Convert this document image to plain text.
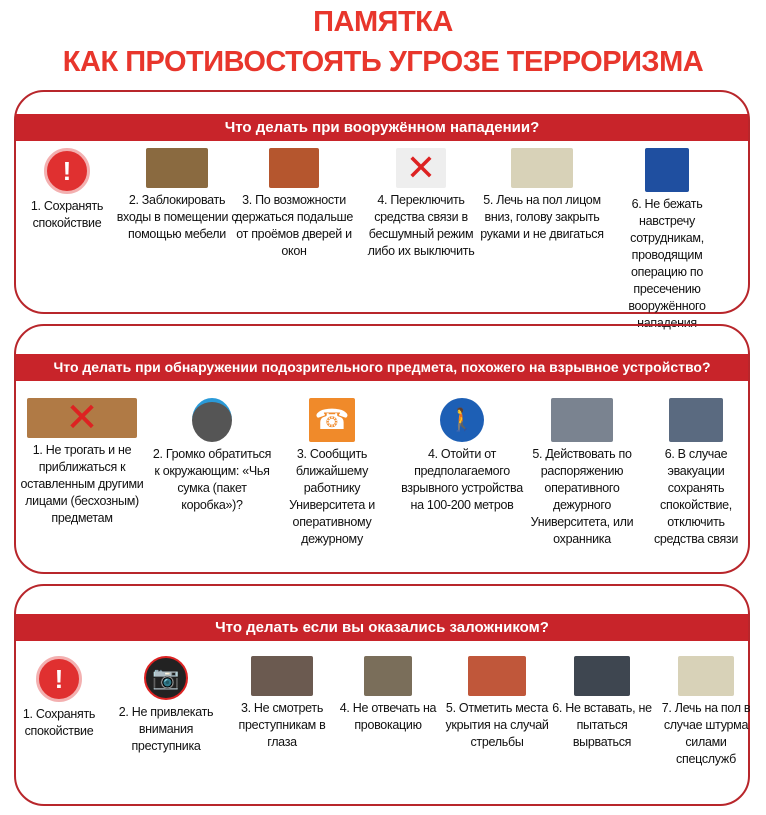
ПАМЯТКА
КАК ПРОТИВОСТОЯТЬ УГРОЗЕ ТЕРРОРИЗМА
Что делать при вооружённом нападении?
!
1. Сохранять спокойствие
2. Заблокировать входы в помещении с помощью мебели
3. По возможности держаться подальше от проёмов дверей и окон
✕
4. Переключить средства связи в бесшумный режим либо их выключить
5. Лечь на пол лицом вниз, голову закрыть руками и не двигаться
6. Не бежать навстречу сотрудникам, проводящим операцию по пресечению вооружённого нападения
Что делать при обнаружении подозрительного предмета, похожего на взрывное устройство?
✕
1. Не трогать и не приближаться к оставленным другими лицами (бесхозным) предметам
2. Громко обратиться к окружающим: «Чья сумка (пакет коробка»)?
☎
3. Сообщить ближайшему работнику Университета и оперативному дежурному
🚶
4. Отойти от предполагаемого взрывного устройства на 100-200 метров
5. Действовать по распоряжению оперативного дежурного Университета, или охранника
6. В случае эвакуации сохранять спокойствие, отключить средства связи
Что делать если вы оказались заложником?
!
1. Сохранять спокойствие
📷
2. Не привлекать внимания преступника
3. Не смотреть преступникам в глаза
4. Не отвечать на провокацию
5. Отметить места укрытия на случай стрельбы
6. Не вставать, не пытаться вырваться
7. Лечь на пол в случае штурма силами спецслужб
